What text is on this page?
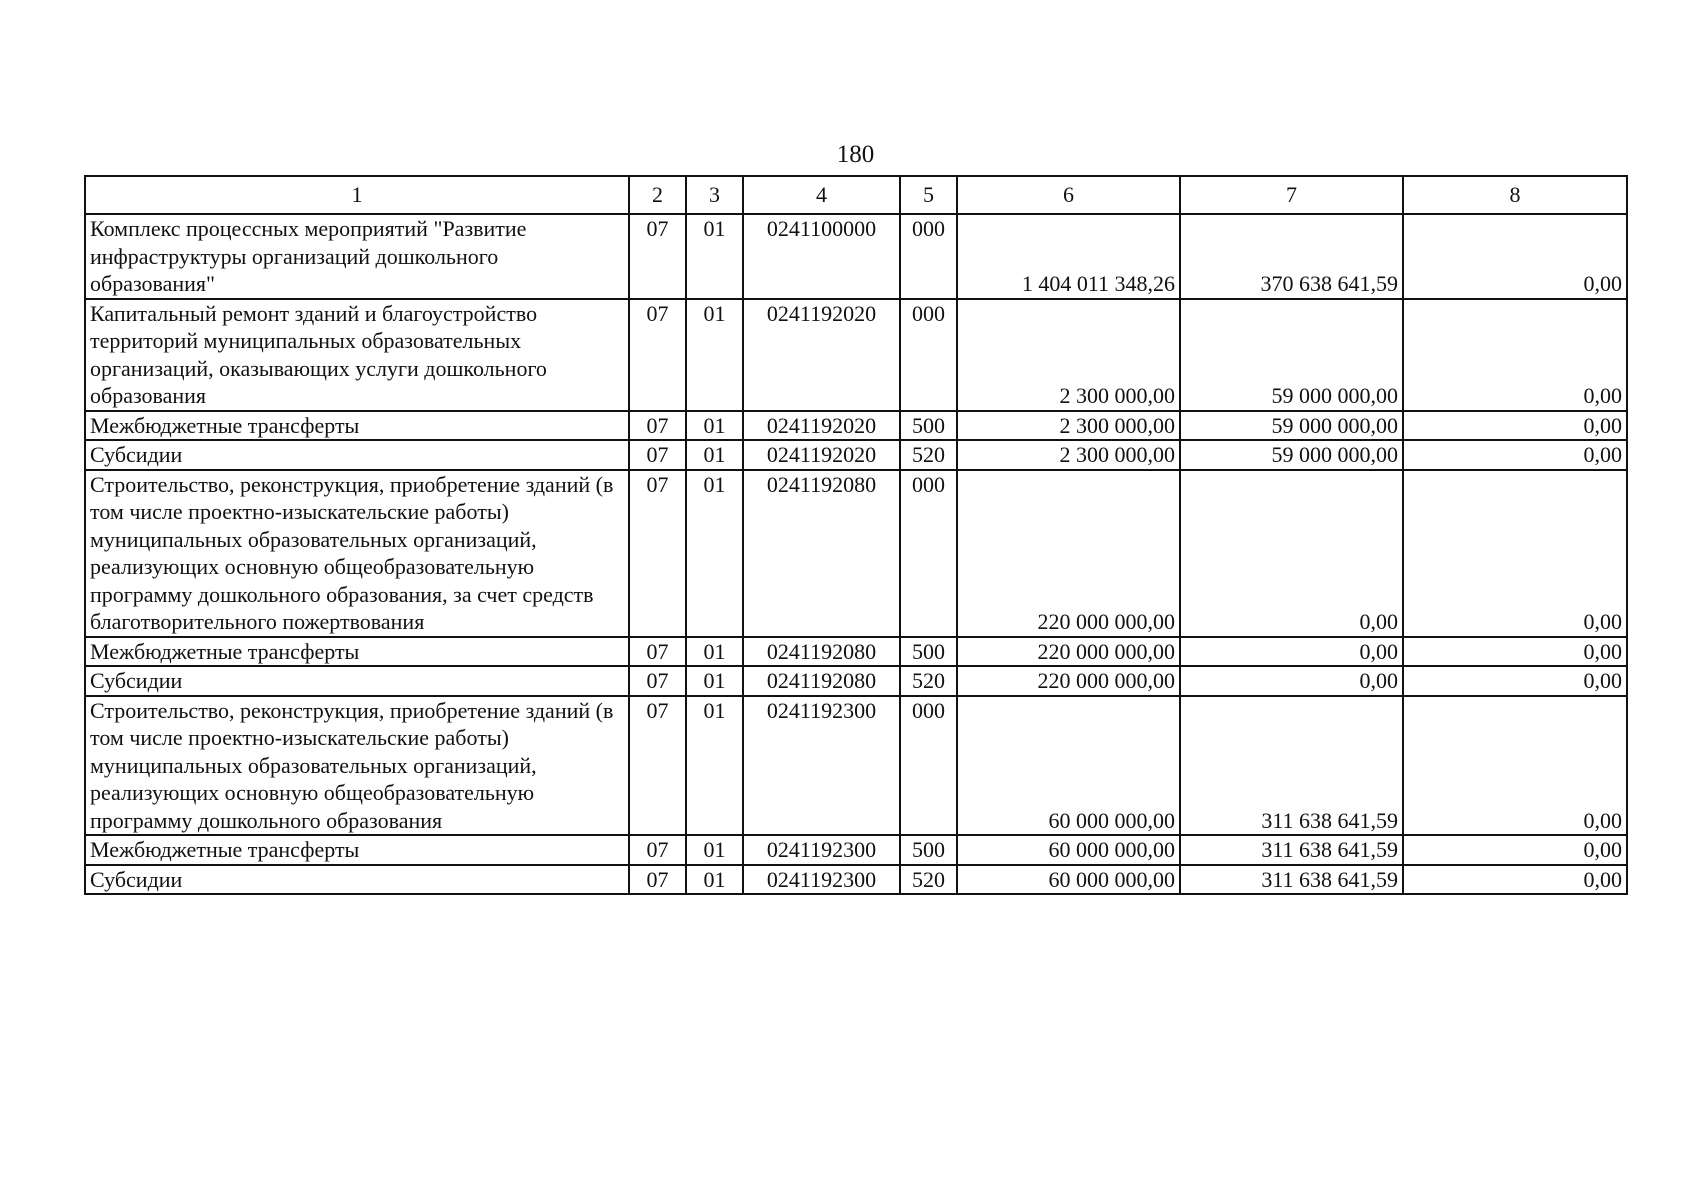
180
1	2	3	4	5	6	7	8
Комплекс процессных мероприятий "Развитие инфраструктуры организаций дошкольного образования"	07	01	0241100000	000	1 404 011 348,26	370 638 641,59	0,00
Капитальный ремонт зданий и благоустройство территорий муниципальных образовательных организаций, оказывающих услуги дошкольного образования	07	01	0241192020	000	2 300 000,00	59 000 000,00	0,00
Межбюджетные трансферты	07	01	0241192020	500	2 300 000,00	59 000 000,00	0,00
Субсидии	07	01	0241192020	520	2 300 000,00	59 000 000,00	0,00
Строительство, реконструкция, приобретение зданий (в том числе проектно-изыскательские работы) муниципальных образовательных организаций, реализующих основную общеобразовательную программу дошкольного образования, за счет средств благотворительного пожертвования	07	01	0241192080	000	220 000 000,00	0,00	0,00
Межбюджетные трансферты	07	01	0241192080	500	220 000 000,00	0,00	0,00
Субсидии	07	01	0241192080	520	220 000 000,00	0,00	0,00
Строительство, реконструкция, приобретение зданий (в том числе проектно-изыскательские работы) муниципальных образовательных организаций, реализующих основную общеобразовательную программу дошкольного образования	07	01	0241192300	000	60 000 000,00	311 638 641,59	0,00
Межбюджетные трансферты	07	01	0241192300	500	60 000 000,00	311 638 641,59	0,00
Субсидии	07	01	0241192300	520	60 000 000,00	311 638 641,59	0,00
